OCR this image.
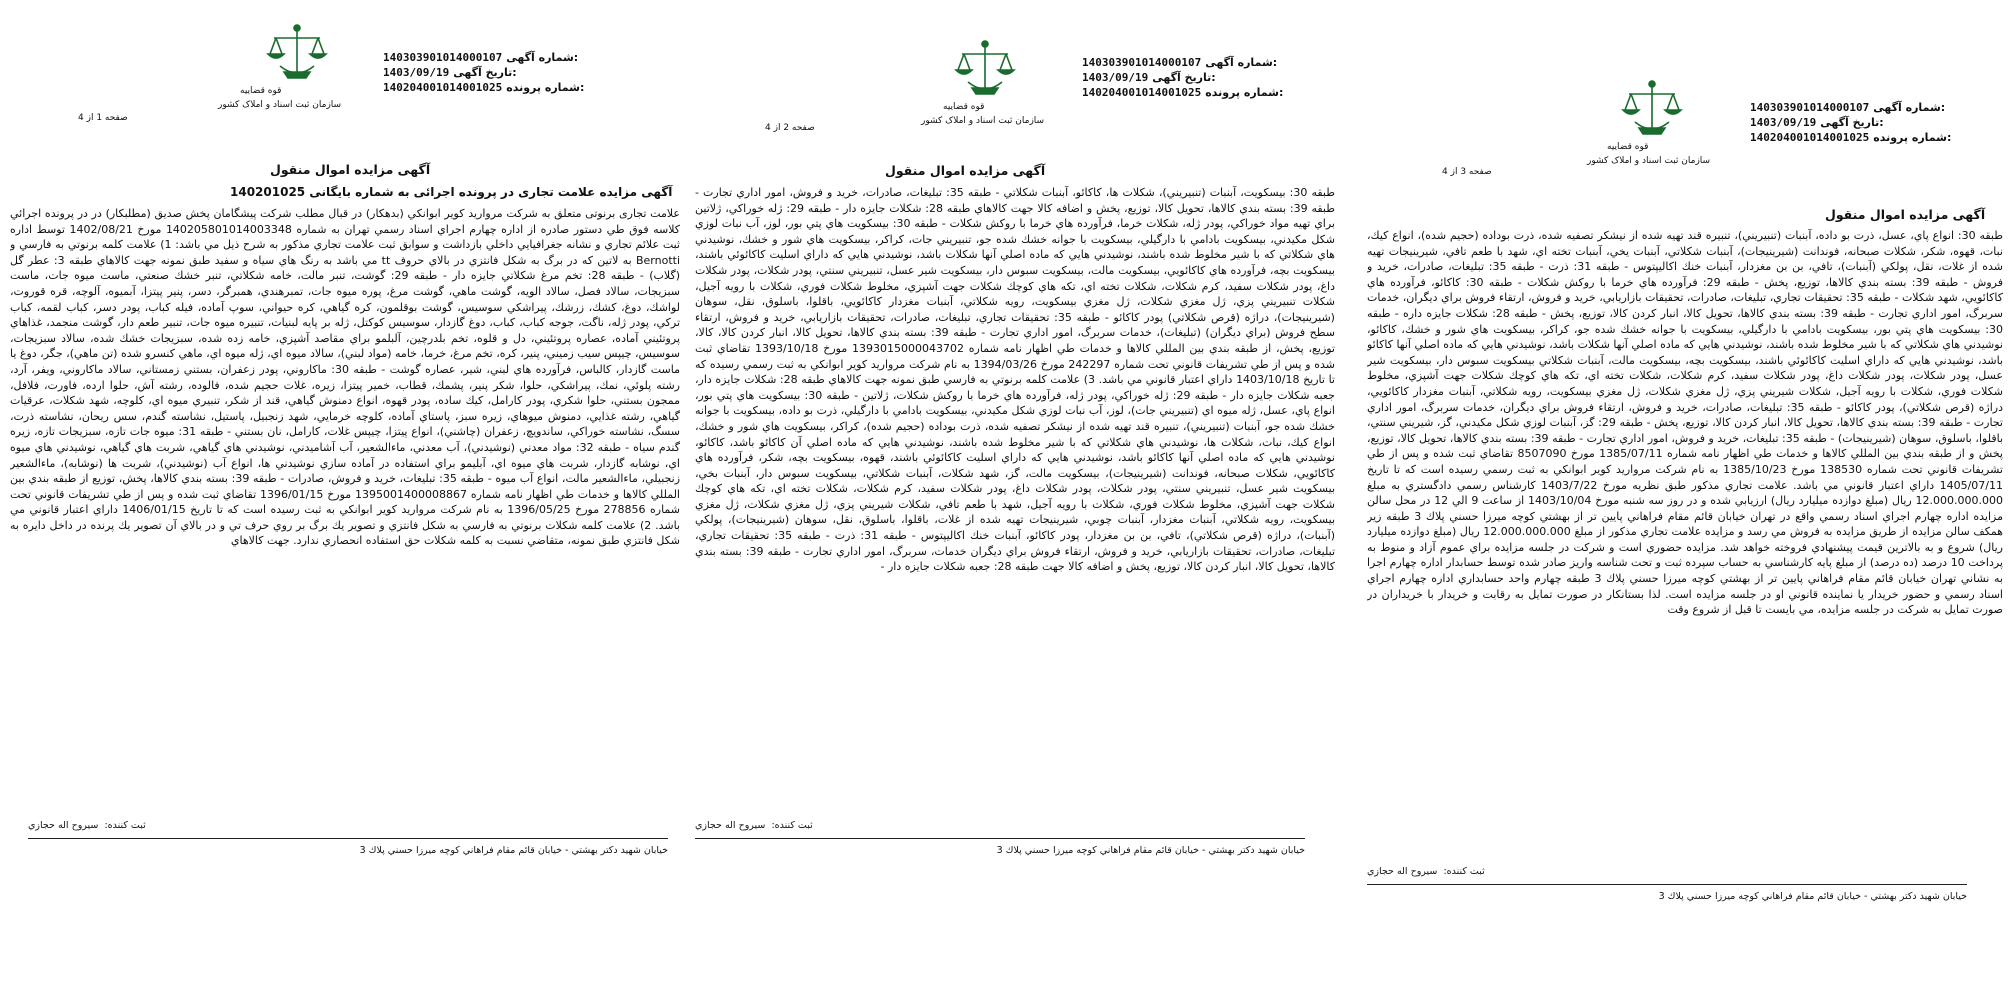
قوه قضاییه
سازمان ثبت اسناد و املاک کشور
140303901014000107 شماره آگهی:
1403/09/19 تاریخ آگهی:
140204001014001025 شماره پرونده:
صفحه 1 از 4
آگهی مزایده اموال منقول
آگهی مزایده علامت تجاری در پرونده اجرائی به شماره بایگانی 140201025
علامت تجاری برنوتی متعلق به شرکت مرواريد كوير ابوانكي (بدهكار) در قبال مطلب شركت پيشگامان پخش صديق (مطلبكار) در در پرونده اجرائي كلاسه فوق طي دستور صادره از اداره چهارم اجراي اسناد رسمي تهران به شماره 140205801014003348 مورخ 1402/08/21 توسط اداره ثبت علائم تجاري و نشانه جغرافيايي داخلي بازداشت و سوابق ثبت علامت تجاري مذكور به شرح ذيل مي باشد: 1) علامت كلمه برنوتي به فارسي و Bernotti به لاتين كه در برگ به شكل فانتزي در بالاي حروف tt مي باشد به رنگ هاي سياه و سفيد طبق نمونه جهت كالاهاي طبقه 3: عطر گل (گلاب) - طبقه 28: تخم مرغ شكلاتي جايزه دار - طبقه 29: گوشت، تنبر مالت، خامه شكلاتي، تنبر خشك صنعتي، ماست ميوه جات، ماست سبزيجات، سالاد فصل، سالاد الويه، گوشت ماهي، گوشت مرغ، پوره ميوه جات، تمبرهندي، همبرگر، دسر، پنير پيتزا، آبميوه، آلوچه، قره قوروت، لواشك، دوغ، كشك، زرشك، پيراشكي سوسيس، گوشت بوقلمون، كره گياهي، كره حيواني، سوپ آماده، فيله كباب، پودر دسر، كباب لقمه، كباب تركي، پودر ژله، ناگت، جوجه كباب، كباب، دوغ گازدار، سوسيس كوكتل، ژله بر پايه لبنيات، تنبيره ميوه جات، تنبير طعم دار، گوشت منجمد، غذاهاي پروتئيني آماده، عصاره پروتئيني، دل و قلوه، تخم بلدرچين، آلبلمو براي مقاصد آشپزي، خامه زده شده، سبزيجات خشك شده، سالاد سبزيجات، سوسيس، چيپس سيب زميني، پنير، كره، تخم مرغ، خرما، خامه (مواد لبني)، سالاد ميوه اي، ژله ميوه اي، ماهي كنسرو شده (تن ماهي)، جگر، دوغ يا ماست گازدار، كالباس، فرآورده هاي لبني، شير، عصاره گوشت - طبقه 30: ماكاروني، پودر زعفران، بستني زمستاني، سالاد ماكاروني، ويفر، آرد، رشته پلوئي، نمك، پيراشكي، حلوا، شكر پنير، پشمك، قطاب، خمير پيتزا، زيره، غلات حجيم شده، فالوده، رشته آش، حلوا ارده، فاورت، فلافل، ممجون بستني، حلوا شكري، پودر كارامل، كيك ساده، پودر قهوه، انواع دمنوش گياهي، قند از شكر، تنبيري ميوه اي، كلوچه، شهد شكلات، عرقيات گياهي، رشته غذايي، دمنوش ميوهاي، زيره سبز، پاستاي آماده، كلوچه خرمايي، شهد زنجبيل، پاستيل، نشاسته گندم، سس ريحان، نشاسته ذرت، سسگ، نشاسته خوراكي، ساندويچ، زعفران (چاشني)، انواع پيتزا، چيپس غلات، كارامل، نان بستني - طبقه 31: ميوه جات تازه، سبزيجات تازه، زيره گندم سياه - طبقه 32: مواد معدني (نوشيدني)، آب معدني، ماءالشعير، آب آشاميدني، نوشيدني هاي گياهي، شربت هاي گياهي، نوشيدني هاي ميوه اي، نوشابه گازدار، شربت هاي ميوه اي، آبليمو براي استفاده در آماده سازي نوشيدني ها، انواع آب (نوشيدني)، شربت ها (نوشابه)، ماءالشعير زنجبيلي، ماءالشعير مالت، انواع آب ميوه - طبقه 35: تبليغات، خريد و فروش، صادرات - طبقه 39: بسته بندي كالاها، پخش، توزيع از طبقه بندي بين المللي كالاها و خدمات طي اظهار نامه شماره 1395001400008867 مورخ 1396/01/15 تقاضاي ثبت شده و پس از طي تشريفات قانوني تحت شماره 278856 مورخ 1396/05/25 به نام شركت مرواريد كوير ابوانكي به ثبت رسيده است كه تا تاريخ 1406/01/15 داراي اعتبار قانوني مي باشد. 2) علامت كلمه شكلات برنوتي به فارسي به شكل فانتزي و تصوير يك برگ بر روي حرف تي و در بالاي آن تصوير يك پرنده در داخل دايره به شكل فانتزي طبق نمونه، متقاضي نسبت به كلمه شكلات حق استفاده انحصاري ندارد. جهت كالاهاي
ثبت كننده:  سيروح اله حجازي
خيابان شهيد دكتر بهشتي - خيابان قائم مقام فراهاني كوچه ميرزا حسني پلاك 3
قوه قضاییه
سازمان ثبت اسناد و املاک کشور
140303901014000107 شماره آگهی:
1403/09/19 تاریخ آگهی:
140204001014001025 شماره پرونده:
صفحه 2 از 4
آگهی مزایده اموال منقول
طبقه 30: بيسكويت، آبنبات (تنبيريني)، شكلات ها، كاكائو، آبنبات شكلاتي - طبقه 35: تبليغات، صادرات، خريد و فروش، امور اداري تجارت - طبقه 39: بسته بندي كالاها، تحويل كالا، توزيع، پخش و اضافه كالا جهت كالاهاي طبقه 28: شكلات جايزه دار - طبقه 29: ژله خوراكي، ژلاتين براي تهيه مواد خوراكي، پودر ژله، شكلات خرما، فرآورده هاي خرما با روكش شكلات - طبقه 30: بيسكويت هاي پتي بور، لوز، آب نبات لوزي شكل مكيدني، بيسكويت بادامي با دارگيلي، بيسكويت با جوانه خشك شده جو، تنبيريني جات، كراكر، بيسكويت هاي شور و خشك، نوشيدني هاي شكلاتي كه با شير مخلوط شده باشند، نوشيدني هايي كه ماده اصلي آنها شكلات باشد، نوشيدني هايي كه داراي اسليت كاكائوئي باشند، بيسكويت بچه، فرآورده هاي كاكائويي، بيسكويت مالت، بيسكويت سبوس دار، بيسكويت شير عسل، تنبيريني سنتي، پودر شكلات، پودر شكلات داغ، پودر شكلات سفيد، كرم شكلات، شكلات تخته اي، تكه هاي كوچك شكلات جهت آشپزي، مخلوط شكلات فوري، شكلات با رويه آجيل، شكلات تنبيريني پزي، ژل مغزي شكلات، ژل مغزي بيسكويت، رويه شكلاتي، آبنبات مغزدار كاكائويي، باقلوا، باسلوق، نقل، سوهان (شيرينيجات)، دراژه (قرص شكلاتي) پودر كاكائو - طبقه 35: تحقيقات تجاري، تبليغات، صادرات، تحقيقات بازاريابي، خريد و فروش، ارتقاء سطح فروش (براي ديگران) (تبليغات)، خدمات سربرگ، امور اداري تجارت - طبقه 39: بسته بندي كالاها، تحويل كالا، انبار كردن كالا، كالا، توزيع، پخش، از طبقه بندي بين المللي كالاها و خدمات طي اظهار نامه شماره 1393015000043702 مورخ 1393/10/18 تقاضاي ثبت شده و پس از طي تشريفات قانوني تحت شماره 242297 مورخ 1394/03/26 به نام شركت مرواريد كوير ابوانكي به ثبت رسمي رسيده كه تا تاريخ 1403/10/18 داراي اعتبار قانوني مي باشد. 3) علامت كلمه برنوتي به فارسي طبق نمونه جهت كالاهاي طبقه 28: شكلات جايزه دار، جعبه شكلات جايزه دار - طبقه 29: ژله خوراكي، پودر ژله، فرآورده هاي خرما با روكش شكلات، ژلاتين - طبقه 30: بيسكويت هاي پتي بور، انواع پاي، عسل، ژله ميوه اي (تنبيريني جات)، لوز، آب نبات لوزي شكل مكيدني، بيسكويت بادامي با دارگيلي، ذرت بو داده، بيسكويت با جوانه خشك شده جو، آبنبات (تنبيريني)، تنبيره قند تهيه شده از نيشكر تصفيه شده، ذرت بوداده (حجيم شده)، كراكر، بيسكويت هاي شور و خشك، انواع كيك، نبات، شكلات ها، نوشيدني هاي شكلاتي كه با شير مخلوط شده باشند، نوشيدني هايي كه ماده اصلي آن كاكائو باشد، كاكائو، نوشيدني هايي كه ماده اصلي آنها كاكائو باشد، نوشيدني هايي كه داراي اسليت كاكائوئي باشند، قهوه، بيسكويت بچه، شكر، فرآورده هاي كاكائويي، شكلات صبحانه، فوندانت (شيرينيجات)، بيسكويت مالت، گز، شهد شكلات، آبنبات شكلاتي، بيسكويت سبوس دار، آبنبات بخي، بيسكويت شير عسل، تنبيريني سنتي، پودر شكلات، پودر شكلات داغ، پودر شكلات سفيد، كرم شكلات، شكلات تخته اي، تكه هاي كوچك شكلات جهت آشپزي، مخلوط شكلات فوري، شكلات با رويه آجيل، شهد با طعم تافي، شكلات شيريني پزي، ژل مغزي شكلات، ژل مغزي بيسكويت، رويه شكلاتي، آبنبات مغزدار، آبنبات چوبي، شيرينيجات تهيه شده از غلات، باقلوا، باسلوق، نقل، سوهان (شيرينيجات)، پولكي (آبنبات)، دراژه (قرص شكلاتي)، تافي، بن بن مغزدار، پودر كاكائو، آبنبات خنك اكاليپتوس - طبقه 31: ذرت - طبقه 35: تحقيقات تجاري، تبليغات، صادرات، تحقيقات بازاريابي، خريد و فروش، ارتقاء فروش براي ديگران خدمات، سربرگ، امور اداري تجارت - طبقه 39: بسته بندي كالاها، تحويل كالا، انبار كردن كالا، توزيع، پخش و اضافه كالا جهت طبقه 28: جعبه شكلات جايزه دار -
ثبت كننده:  سيروح اله حجازي
خيابان شهيد دكتر بهشتي - خيابان قائم مقام فراهاني كوچه ميرزا حسني پلاك 3
قوه قضاییه
سازمان ثبت اسناد و املاک کشور
140303901014000107 شماره آگهی:
1403/09/19 تاریخ آگهی:
140204001014001025 شماره پرونده:
صفحه 3 از 4
آگهی مزایده اموال منقول
طبقه 30: انواع پاي، عسل، ذرت بو داده، آبنبات (تنبيريني)، تنبيره قند تهيه شده از نيشكر تصفيه شده، ذرت بوداده (حجيم شده)، انواع كيك، نبات، قهوه، شكر، شكلات صبحانه، فوندانت (شيرينيجات)، آبنبات شكلاتي، آبنبات يخي، آبنبات تخته اي، شهد با طعم تافي، شيرينيجات تهيه شده از غلات، نقل، پولكي (آبنبات)، تافي، بن بن مغزدار، آبنبات خنك اكاليپتوس - طبقه 31: ذرت - طبقه 35: تبليغات، صادرات، خريد و فروش - طبقه 39: بسته بندي كالاها، توزيع، پخش - طبقه 29: فرآورده هاي خرما با روكش شكلات - طبقه 30: كاكائو، فرآورده هاي كاكائويي، شهد شكلات - طبقه 35: تحقيقات تجاري، تبليغات، صادرات، تحقيقات بازاريابي، خريد و فروش، ارتقاء فروش براي ديگران، خدمات سربرگ، امور اداري تجارت - طبقه 39: بسته بندي كالاها، تحويل كالا، انبار كردن كالا، توزيع، پخش - طبقه 28: شكلات جايزه داره - طبقه 30: بيسكويت هاي پتي بور، بيسكويت بادامي با دارگيلي، بيسكويت با جوانه خشك شده جو، كراكر، بيسكويت هاي شور و خشك، كاكائو، نوشيدني هاي شكلاتي كه با شير مخلوط شده باشند، نوشيدني هايي كه ماده اصلي آنها شكلات باشد، نوشيدني هايي كه ماده اصلي آنها كاكائو باشد، نوشيدني هايي كه داراي اسليت كاكائوئي باشند، بيسكويت بچه، بيسكويت مالت، آبنبات شكلاتي بيسكويت سبوس دار، بيسكويت شير عسل، پودر شكلات، پودر شكلات داغ، پودر شكلات سفيد، كرم شكلات، شكلات تخته اي، تكه هاي كوچك شكلات جهت آشپزي، مخلوط شكلات فوري، شكلات با رويه آجيل، شكلات شيريني پزي، ژل مغزي شكلات، ژل مغزي بيسكويت، رويه شكلاتي، آبنبات مغزدار كاكائويي، دراژه (قرص شكلاتي)، پودر كاكائو - طبقه 35: تبليغات، صادرات، خريد و فروش، ارتقاء فروش براي ديگران، خدمات سربرگ، امور اداري تجارت - طبقه 39: بسته بندي كالاها، تحويل كالا، انبار كردن كالا، توزيع، پخش - طبقه 29: گز، آبنبات لوزي شكل مكيدني، گز، شيريني سنتي، باقلوا، باسلوق، سوهان (شيرينيجات) - طبقه 35: تبليغات، خريد و فروش، امور اداري تجارت - طبقه 39: بسته بندي كالاها، تحويل كالا، توزيع، پخش و از طبقه بندي بين المللي كالاها و خدمات طي اظهار نامه شماره 1385/07/11 مورخ 8507090 تقاضاي ثبت شده و پس از طي تشريفات قانوني تحت شماره 138530 مورخ 1385/10/23 به نام شركت مرواريد كوير ابوانكي به ثبت رسمي رسيده است كه تا تاريخ 1405/07/11 داراي اعتبار قانوني مي باشد. علامت تجاري مذكور طبق نظريه مورخ 1403/7/22 كارشناس رسمي دادگستري به مبلغ 12.000.000.000 ريال (مبلغ دوازده ميليارد ريال) ارزيابي شده و در روز سه شنبه مورخ 1403/10/04 از ساعت 9 الي 12 در محل سالن مزايده اداره چهارم اجراي اسناد رسمي واقع در تهران خيابان قائم مقام فراهاني پايين تر از بهشتي كوچه ميرزا حسني پلاك 3 طبقه زير همكف سالن مزايده از طريق مزايده به فروش مي رسد و مزايده علامت تجاري مذكور از مبلغ 12.000.000.000 ريال (مبلغ دوازده ميليارد ريال) شروع و به بالاترين قيمت پيشنهادي فروخته خواهد شد. مزايده حضوري است و شركت در جلسه مزايده براي عموم آزاد و منوط به پرداخت 10 درصد (ده درصد) از مبلغ پايه كارشناسي به حساب سپرده ثبت و تحت شناسه واريز صادر شده توسط حسابدار اداره چهارم اجرا به نشاني تهران خيابان قائم مقام فراهاني پايين تر از بهشتي كوچه ميرزا حسني پلاك 3 طبقه چهارم واحد حسابداري اداره چهارم اجراي اسناد رسمي و حضور خريدار يا نماينده قانوني او در جلسه مزايده است. لذا بستانكار در صورت تمايل به رقابت و خريدار با خريداران در صورت تمايل به شركت در جلسه مزايده، مي بايست تا قبل از شروع وقت
ثبت كننده:  سيروح اله حجازي
خيابان شهيد دكتر بهشتي - خيابان قائم مقام فراهاني كوچه ميرزا حسني پلاك 3
